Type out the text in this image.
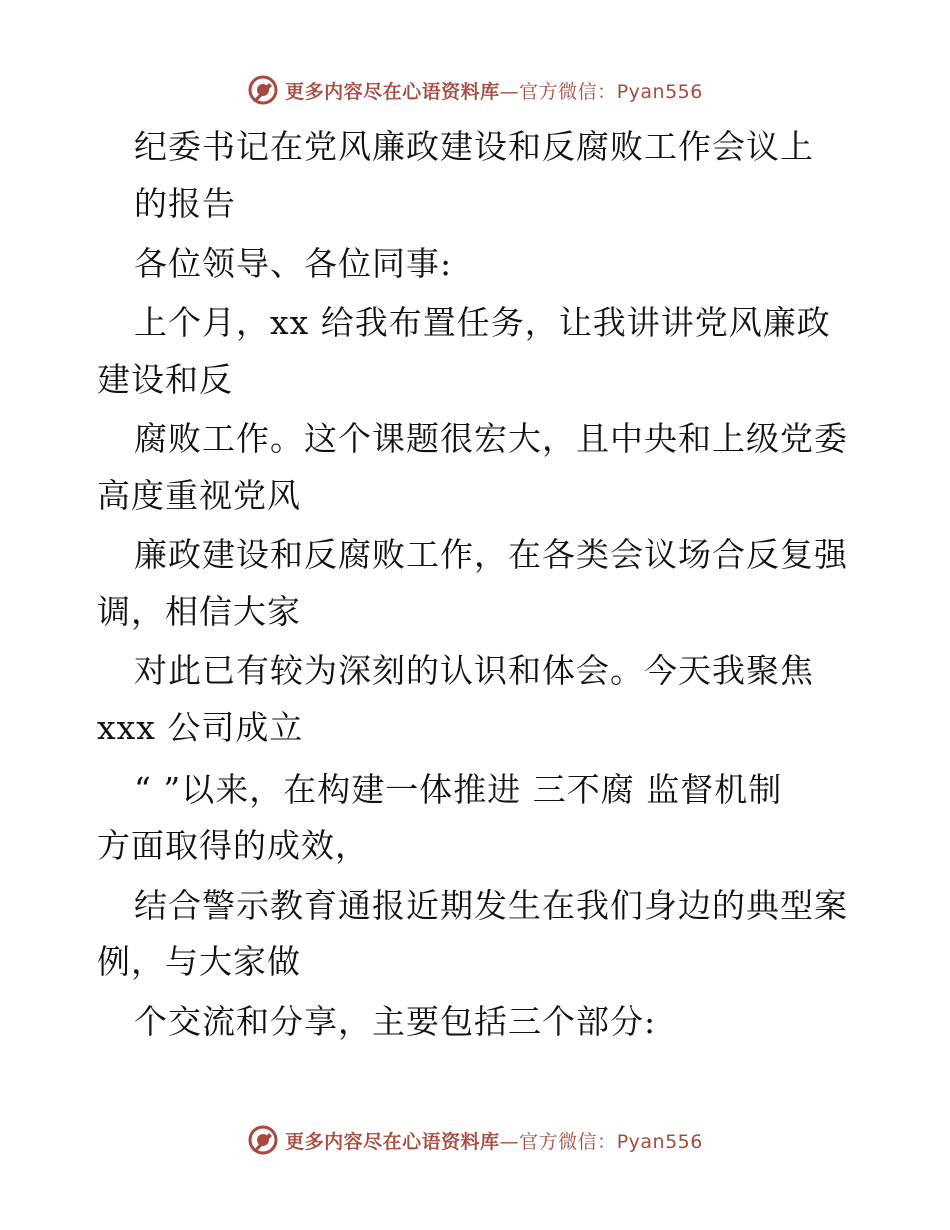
更多内容尽在心语资料库—官方微信：Pyan556
纪委书记在党风廉政建设和反腐败工作会议上
的报告
各位领导、各位同事:
上个月，xx 给我布置任务，让我讲讲党风廉政
建设和反
腐败工作。这个课题很宏大，且中央和上级党委
高度重视党风
廉政建设和反腐败工作，在各类会议场合反复强
调，相信大家
对此已有较为深刻的认识和体会。今天我聚焦
xxx 公司成立
“ ”以来，在构建一体推进 三不腐 监督机制
方面取得的成效，
结合警示教育通报近期发生在我们身边的典型案
例，与大家做
个交流和分享，主要包括三个部分:
更多内容尽在心语资料库—官方微信：Pyan556
